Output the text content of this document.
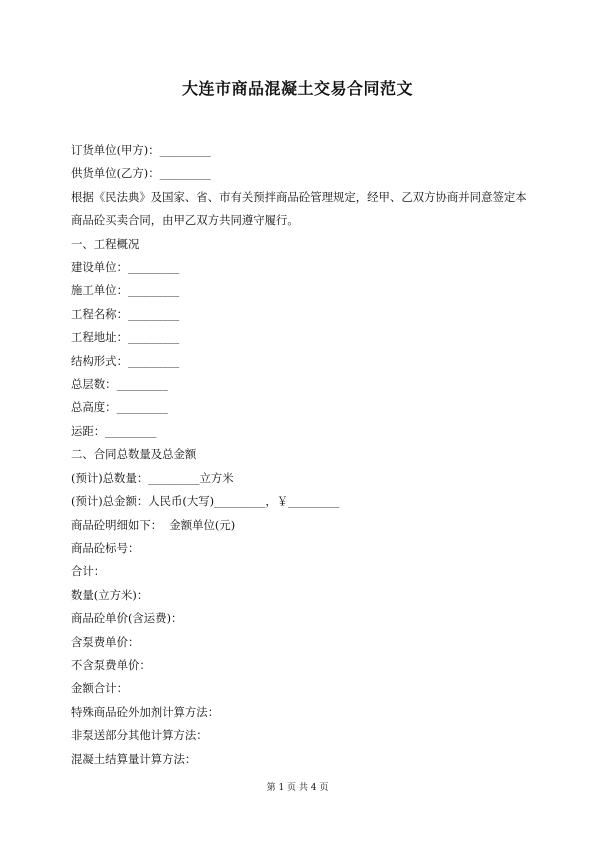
大连市商品混凝土交易合同范文
订货单位(甲方)：_________
供货单位(乙方)：_________
根据《民法典》及国家、省、市有关预拌商品砼管理规定，经甲、乙双方协商并同意签定本商品砼买卖合同，由甲乙双方共同遵守履行。
一、工程概况
建设单位：_________
施工单位：_________
工程名称：_________
工程地址：_________
结构形式：_________
总层数：_________
总高度：_________
运距：_________
二、合同总数量及总金额
(预计)总数量：_________立方米
(预计)总金额：人民币(大写)_________，￥_________
商品砼明细如下：  金额单位(元)
商品砼标号：
合计：
数量(立方米)：
商品砼单价(含运费)：
含泵费单价：
不含泵费单价：
金额合计：
特殊商品砼外加剂计算方法：
非泵送部分其他计算方法：
混凝土结算量计算方法：
第 1 页 共 4 页
